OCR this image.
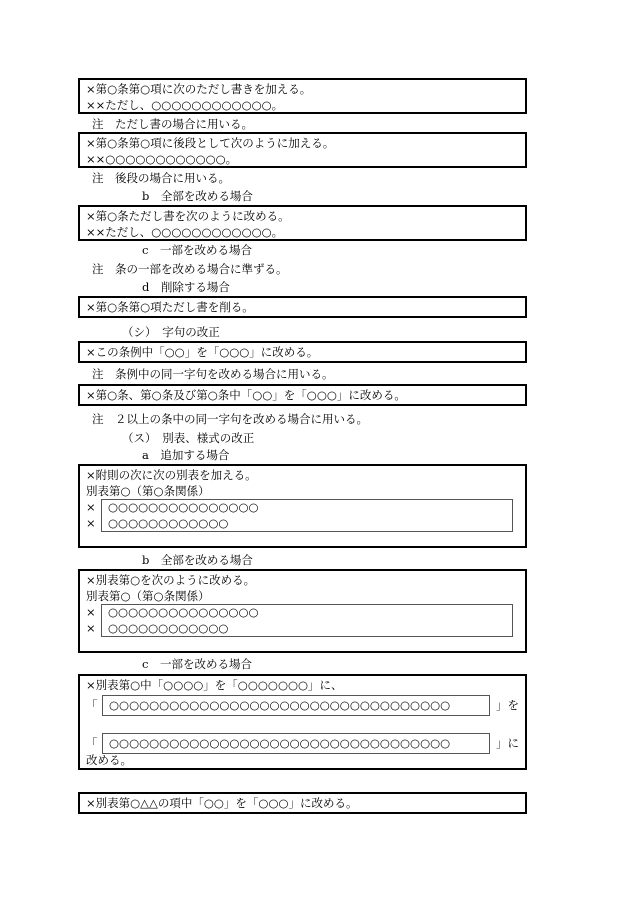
×第○条第○項に次のただし書きを加える。
××ただし、○○○○○○○○○○○○。
注　ただし書の場合に用いる。
×第○条第○項に後段として次のように加える。
××○○○○○○○○○○○○。
注　後段の場合に用いる。
b　全部を改める場合
×第○条ただし書を次のように改める。
××ただし、○○○○○○○○○○○○。
c　一部を改める場合
注　条の一部を改める場合に準ずる。
d　削除する場合
×第○条第○項ただし書を削る。
（シ）　字句の改正
×この条例中「○○」を「○○○」に改める。
注　条例中の同一字句を改める場合に用いる。
×第○条、第○条及び第○条中「○○」を「○○○」に改める。
注　２以上の条中の同一字句を改める場合に用いる。
（ス）　別表、様式の改正
a　追加する場合
×附則の次に次の別表を加える。
別表第○（第○条関係）
×
×
○○○○○○○○○○○○○○○
○○○○○○○○○○○○
b　全部を改める場合
×別表第○を次のように改める。
別表第○（第○条関係）
×
×
○○○○○○○○○○○○○○○
○○○○○○○○○○○○
c　一部を改める場合
×別表第○中「○○○○」を「○○○○○○○」に、
「 ○○○○○○○○○○○○○○○○○○○○○○○○○○○○○○○○○○	」を
「 ○○○○○○○○○○○○○○○○○○○○○○○○○○○○○○○○○○	」に
改める。
×別表第○△△の項中「○○」を「○○○」に改める。
